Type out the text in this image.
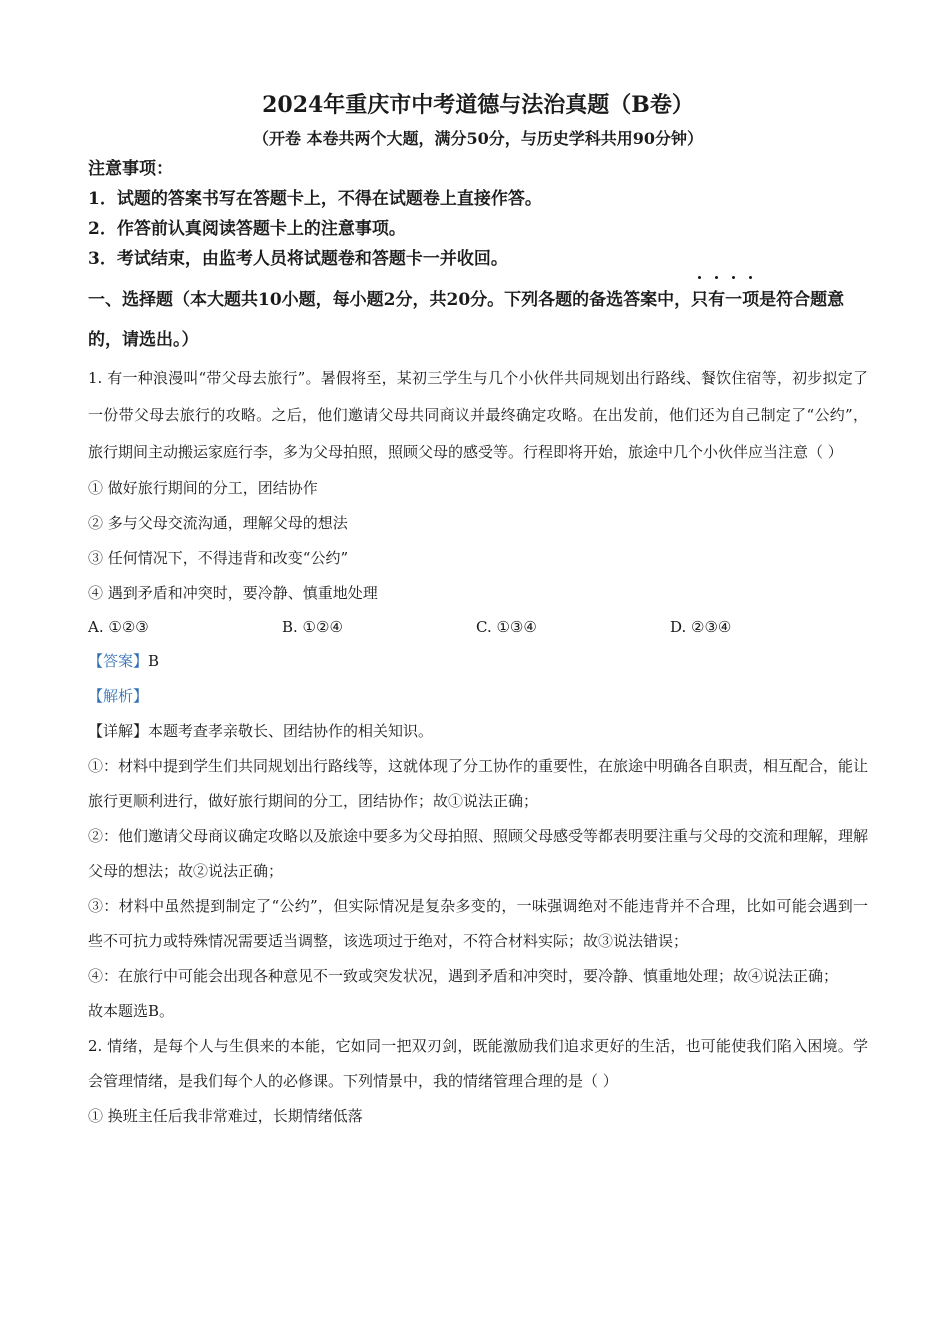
2024年重庆市中考道德与法治真题（B卷）
（开卷 本卷共两个大题，满分50分，与历史学科共用90分钟）
注意事项：
1．试题的答案书写在答题卡上，不得在试题卷上直接作答。
2．作答前认真阅读答题卡上的注意事项。
3．考试结束，由监考人员将试题卷和答题卡一并收回。
一、选择题（本大题共10小题，每小题2分，共20分。下列各题的备选答案中，只有一项是符合题意的，请选出。）
1. 有一种浪漫叫“带父母去旅行”。暑假将至，某初三学生与几个小伙伴共同规划出行路线、餐饮住宿等，初步拟定了一份带父母去旅行的攻略。之后，他们邀请父母共同商议并最终确定攻略。在出发前，他们还为自己制定了“公约”，旅行期间主动搬运家庭行李，多为父母拍照，照顾父母的感受等。行程即将开始，旅途中几个小伙伴应当注意（ ）
① 做好旅行期间的分工，团结协作
② 多与父母交流沟通，理解父母的想法
③ 任何情况下，不得违背和改变“公约”
④ 遇到矛盾和冲突时，要冷静、慎重地处理
A. ①②③	B. ①②④	C. ①③④	D. ②③④
【答案】B
【解析】
【详解】本题考查孝亲敬长、团结协作的相关知识。
①：材料中提到学生们共同规划出行路线等，这就体现了分工协作的重要性，在旅途中明确各自职责，相互配合，能让旅行更顺利进行，做好旅行期间的分工，团结协作；故①说法正确；
②：他们邀请父母商议确定攻略以及旅途中要多为父母拍照、照顾父母感受等都表明要注重与父母的交流和理解，理解父母的想法；故②说法正确；
③：材料中虽然提到制定了“公约”，但实际情况是复杂多变的，一味强调绝对不能违背并不合理，比如可能会遇到一些不可抗力或特殊情况需要适当调整，该选项过于绝对，不符合材料实际；故③说法错误；
④：在旅行中可能会出现各种意见不一致或突发状况，遇到矛盾和冲突时，要冷静、慎重地处理；故④说法正确；
故本题选B。
2. 情绪，是每个人与生俱来的本能，它如同一把双刃剑，既能激励我们追求更好的生活，也可能使我们陷入困境。学会管理情绪，是我们每个人的必修课。下列情景中，我的情绪管理合理的是（ ）
① 换班主任后我非常难过，长期情绪低落
